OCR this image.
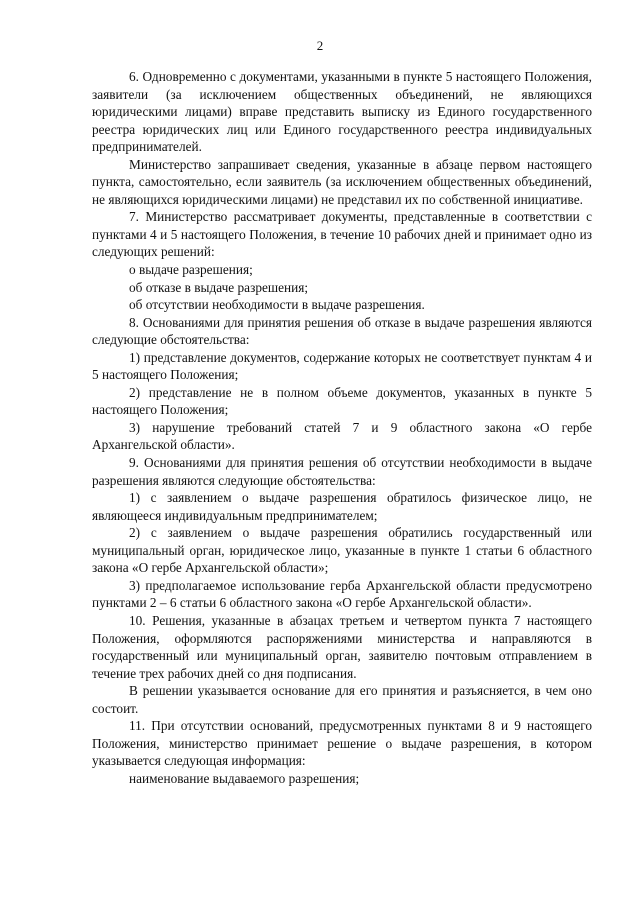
2

6. Одновременно с документами, указанными в пункте 5 настоящего Положения, заявители (за исключением общественных объединений, не являющихся юридическими лицами) вправе представить выписку из Единого государственного реестра юридических лиц или Единого государственного реестра индивидуальных предпринимателей.

Министерство запрашивает сведения, указанные в абзаце первом настоящего пункта, самостоятельно, если заявитель (за исключением общественных объединений, не являющихся юридическими лицами) не представил их по собственной инициативе.

7. Министерство рассматривает документы, представленные в соответствии с пунктами 4 и 5 настоящего Положения, в течение 10 рабочих дней и принимает одно из следующих решений:

о выдаче разрешения;

об отказе в выдаче разрешения;

об отсутствии необходимости в выдаче разрешения.

8. Основаниями для принятия решения об отказе в выдаче разрешения являются следующие обстоятельства:

1) представление документов, содержание которых не соответствует пунктам 4 и 5 настоящего Положения;

2) представление не в полном объеме документов, указанных в пункте 5 настоящего Положения;

3) нарушение требований статей 7 и 9 областного закона «О гербе Архангельской области».

9. Основаниями для принятия решения об отсутствии необходимости в выдаче разрешения являются следующие обстоятельства:

1) с заявлением о выдаче разрешения обратилось физическое лицо, не являющееся индивидуальным предпринимателем;

2) с заявлением о выдаче разрешения обратились государственный или муниципальный орган, юридическое лицо, указанные в пункте 1 статьи 6 областного закона «О гербе Архангельской области»;

3) предполагаемое использование герба Архангельской области предусмотрено пунктами 2 – 6 статьи 6 областного закона «О гербе Архангельской области».

10. Решения, указанные в абзацах третьем и четвертом пункта 7 настоящего Положения, оформляются распоряжениями министерства и направляются в государственный или муниципальный орган, заявителю почтовым отправлением в течение трех рабочих дней со дня подписания.

В решении указывается основание для его принятия и разъясняется, в чем оно состоит.

11. При отсутствии оснований, предусмотренных пунктами 8 и 9 настоящего Положения, министерство принимает решение о выдаче разрешения, в котором указывается следующая информация:

наименование выдаваемого разрешения;
